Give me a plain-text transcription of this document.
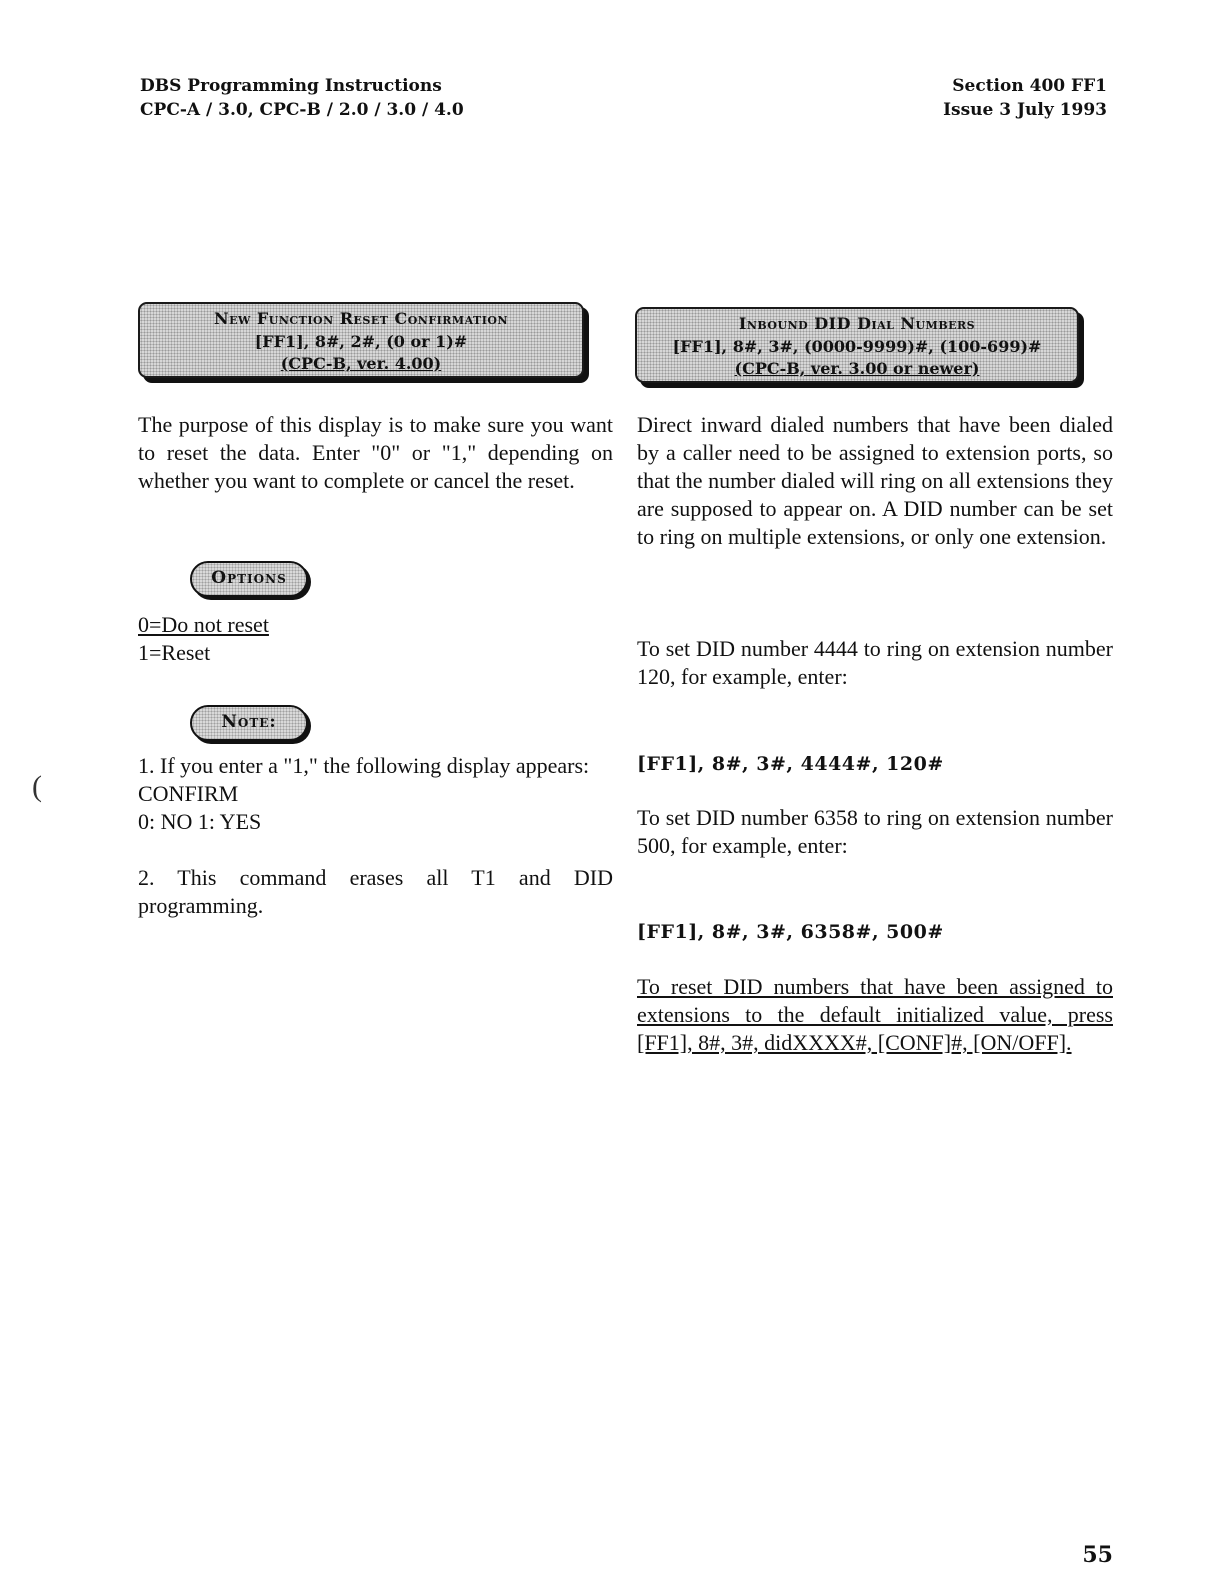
DBS Programming Instructions
CPC-A / 3.0, CPC-B / 2.0 / 3.0 / 4.0
Section 400 FF1
Issue 3 July 1993
New Function Reset Confirmation
[FF1], 8#, 2#, (0 or 1)#
(CPC-B, ver. 4.00)
Inbound DID Dial Numbers
[FF1], 8#, 3#, (0000-9999)#, (100-699)#
(CPC-B, ver. 3.00 or newer)

The purpose of this display is to make sure you want to reset the data. Enter "0" or "1," depending on whether you want to complete or cancel the reset.

Options
0=Do not reset
1=Reset
Note:

1. If you enter a "1," the following display appears:

CONFIRM
0: NO 1: YES

2. This command erases all T1 and DID programming.

Direct inward dialed numbers that have been dialed by a caller need to be assigned to extension ports, so that the number dialed will ring on all extensions they are supposed to appear on. A DID number can be set to ring on multiple extensions, or only one extension.

To set DID number 4444 to ring on extension number 120, for example, enter:

[FF1], 8#, 3#, 4444#, 120#

To set DID number 6358 to ring on extension number 500, for example, enter:

[FF1], 8#, 3#, 6358#, 500#

To reset DID numbers that have been assigned to extensions to the default initialized value, press [FF1], 8#, 3#, didXXXX#, [CONF]#, [ON/OFF].

(
55
